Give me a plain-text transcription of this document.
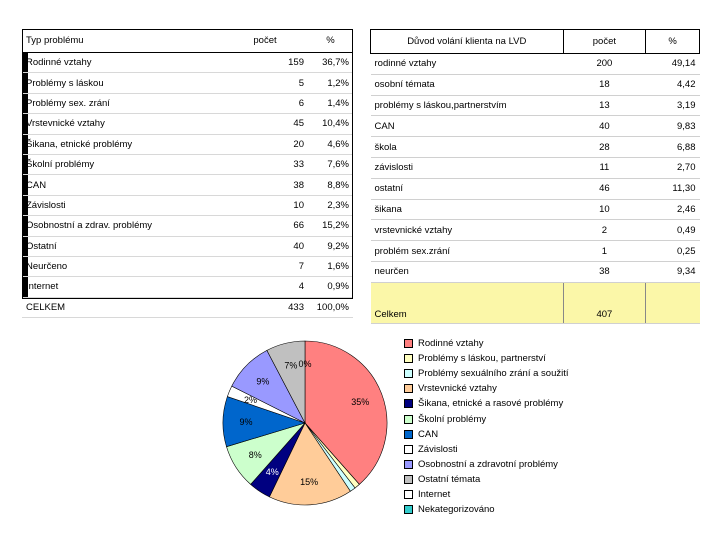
Typ problému	počet	%
Rodinné vztahy	159	36,7%
Problémy s láskou	5	1,2%
Problémy sex. zrání	6	1,4%
Vrstevnické vztahy	45	10,4%
Šikana, etnické problémy	20	4,6%
Školní problémy	33	7,6%
CAN	38	8,8%
Závislosti	10	2,3%
Osobnostní a zdrav. problémy	66	15,2%
Ostatní	40	9,2%
Neurčeno	7	1,6%
Internet	4	0,9%
CELKEM	433	100,0%
Důvod volání klienta na LVD	počet	%
rodinné vztahy	200	49,14
osobní témata	18	4,42
problémy s láskou,partnerstvím	13	3,19
CAN	40	9,83
škola	28	6,88
závislosti	11	2,70
ostatní	46	11,30
šikana	10	2,46
vrstevnické vztahy	2	0,49
problém sex.zrání	1	0,25
neurčen	38	9,34
Celkem	407	
35%
15%
4%
8%
9%
2%
9%
7% 0%
Rodinné vztahy
Problémy s láskou, partnerství
Problémy sexuálního zrání a soužití
Vrstevnické vztahy
Šikana, etnické a rasové problémy
Školní problémy
CAN
Závislosti
Osobnostní a zdravotní problémy
Ostatní témata
Internet
Nekategorizováno
